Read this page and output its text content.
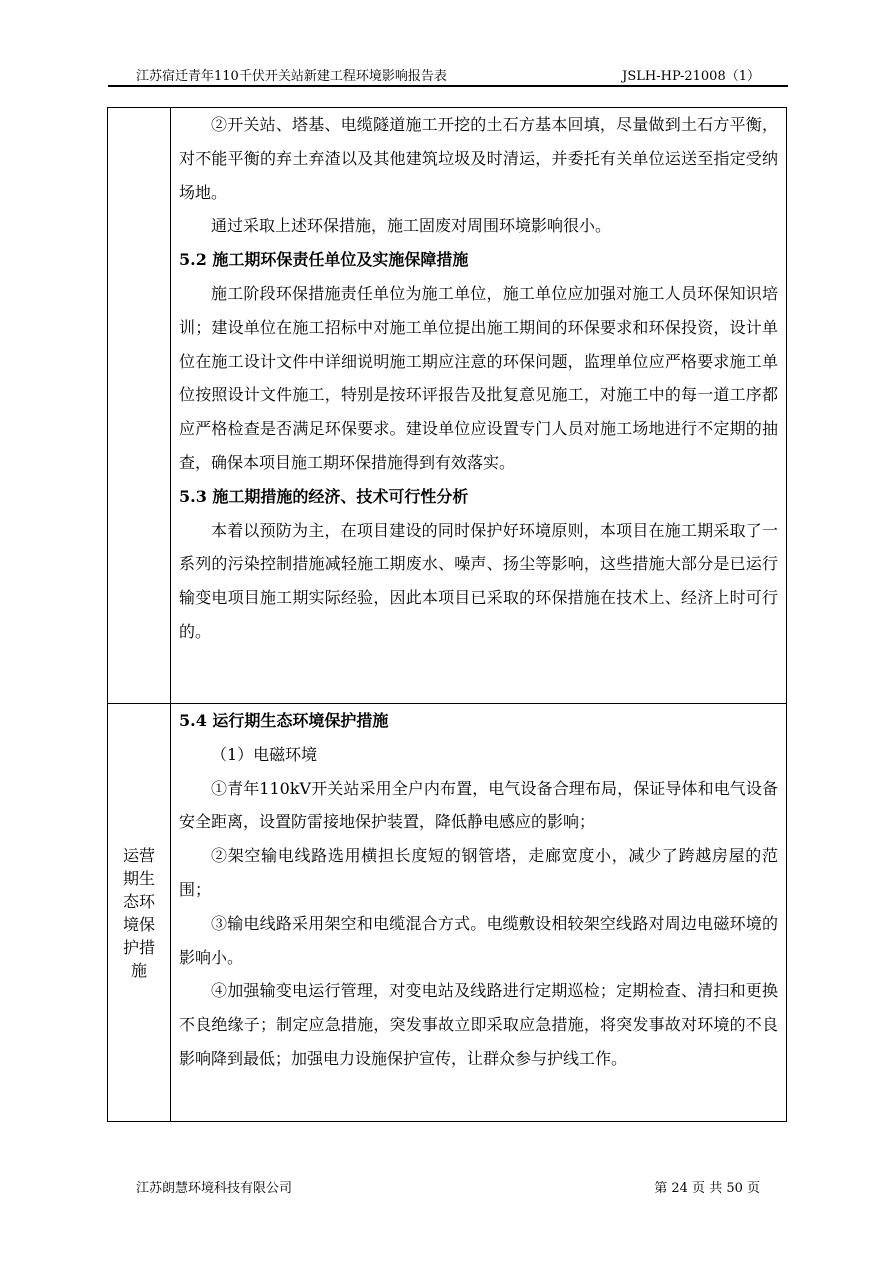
江苏宿迁青年110千伏开关站新建工程环境影响报告表	JSLH-HP-21008（1）

②开关站、塔基、电缆隧道施工开挖的土石方基本回填，尽量做到土石方平衡，对不能平衡的弃土弃渣以及其他建筑垃圾及时清运，并委托有关单位运送至指定受纳场地。

通过采取上述环保措施，施工固废对周围环境影响很小。

5.2 施工期环保责任单位及实施保障措施

施工阶段环保措施责任单位为施工单位，施工单位应加强对施工人员环保知识培训；建设单位在施工招标中对施工单位提出施工期间的环保要求和环保投资，设计单位在施工设计文件中详细说明施工期应注意的环保问题，监理单位应严格要求施工单位按照设计文件施工，特别是按环评报告及批复意见施工，对施工中的每一道工序都应严格检查是否满足环保要求。建设单位应设置专门人员对施工场地进行不定期的抽查，确保本项目施工期环保措施得到有效落实。

5.3 施工期措施的经济、技术可行性分析

本着以预防为主，在项目建设的同时保护好环境原则，本项目在施工期采取了一系列的污染控制措施减轻施工期废水、噪声、扬尘等影响，这些措施大部分是已运行输变电项目施工期实际经验，因此本项目已采取的环保措施在技术上、经济上时可行的。

运营期生态环境保护措施

5.4 运行期生态环境保护措施

（1）电磁环境

①青年110kV开关站采用全户内布置，电气设备合理布局，保证导体和电气设备安全距离，设置防雷接地保护装置，降低静电感应的影响；

②架空输电线路选用横担长度短的钢管塔，走廊宽度小，减少了跨越房屋的范围；

③输电线路采用架空和电缆混合方式。电缆敷设相较架空线路对周边电磁环境的影响小。

④加强输变电运行管理，对变电站及线路进行定期巡检；定期检查、清扫和更换不良绝缘子；制定应急措施，突发事故立即采取应急措施，将突发事故对环境的不良影响降到最低；加强电力设施保护宣传，让群众参与护线工作。

江苏朗慧环境科技有限公司	第 24 页 共 50 页
